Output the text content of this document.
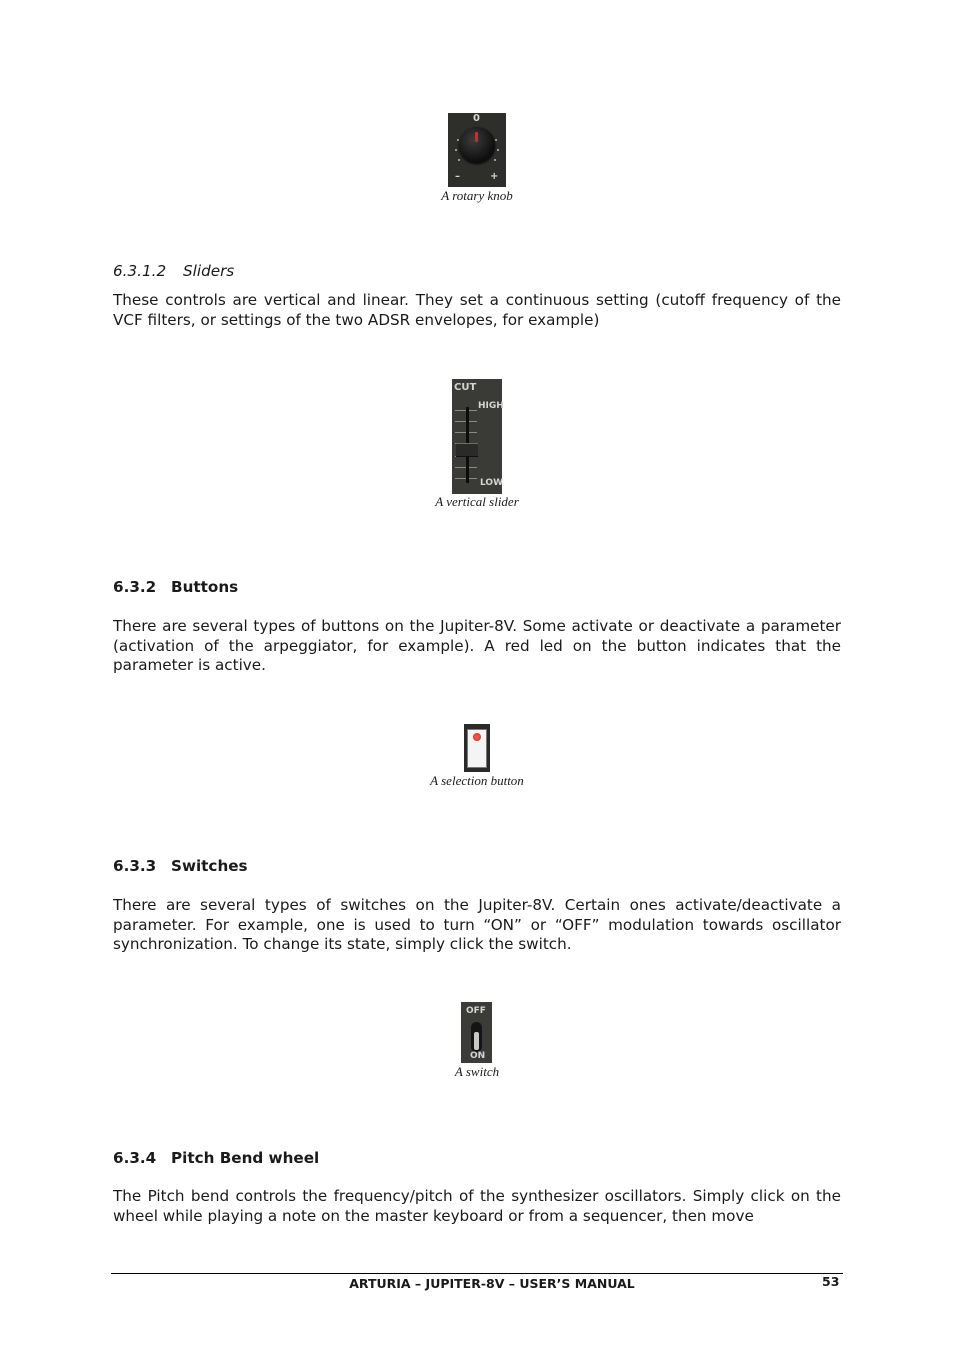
0
–	+
A rotary knob
6.3.1.2 Sliders

These controls are vertical and linear. They set a continuous setting (cutoff frequency of the VCF filters, or settings of the two ADSR envelopes, for example)

CUT
HIGH
LOW
A vertical slider
6.3.2 Buttons

There are several types of buttons on the Jupiter-8V. Some activate or deactivate a parameter (activation of the arpeggiator, for example). A red led on the button indicates that the parameter is active.

A selection button
6.3.3 Switches

There are several types of switches on the Jupiter-8V. Certain ones activate/deactivate a parameter. For example, one is used to turn “ON” or “OFF” modulation towards oscillator synchronization. To change its state, simply click the switch.

OFF
ON
A switch
6.3.4 Pitch Bend wheel

The Pitch bend controls the frequency/pitch of the synthesizer oscillators. Simply click on the wheel while playing a note on the master keyboard or from a sequencer, then move

ARTURIA – JUPITER-8V – USER’S MANUAL	53
